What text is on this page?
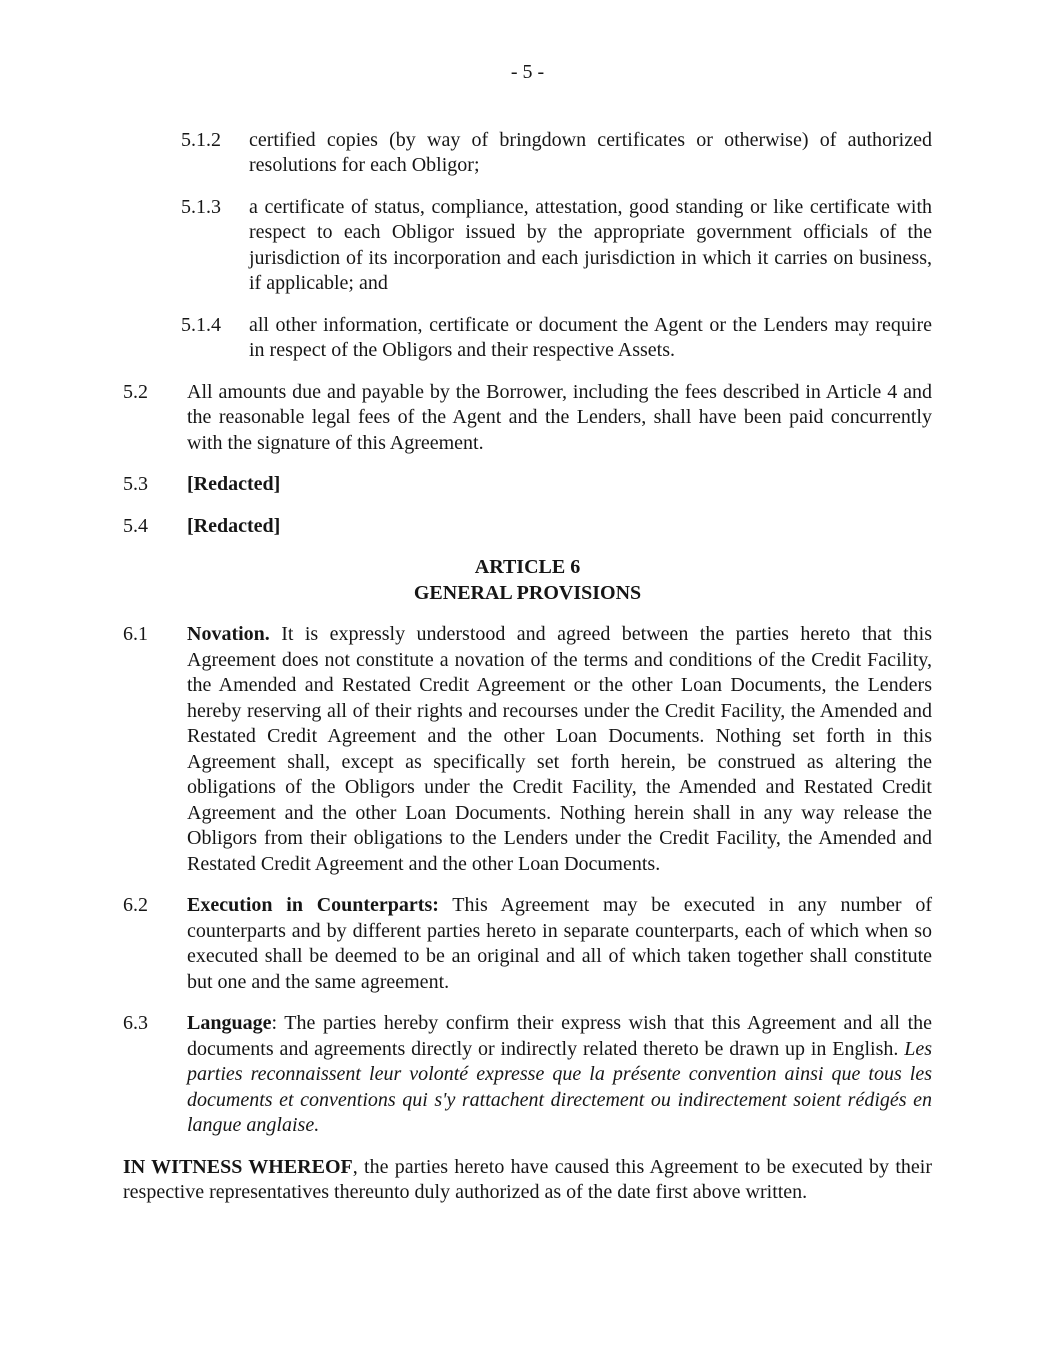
- 5 -
5.1.2	certified copies (by way of bringdown certificates or otherwise) of authorized resolutions for each Obligor;

5.1.3	a certificate of status, compliance, attestation, good standing or like certificate with respect to each Obligor issued by the appropriate government officials of the jurisdiction of its incorporation and each jurisdiction in which it carries on business, if applicable; and

5.1.4	all other information, certificate or document the Agent or the Lenders may require in respect of the Obligors and their respective Assets.

5.2	All amounts due and payable by the Borrower, including the fees described in Article 4 and the reasonable legal fees of the Agent and the Lenders, shall have been paid concurrently with the signature of this Agreement.

5.3	[Redacted]

5.4	[Redacted]

ARTICLE 6
GENERAL PROVISIONS
6.1	Novation. It is expressly understood and agreed between the parties hereto that this Agreement does not constitute a novation of the terms and conditions of the Credit Facility, the Amended and Restated Credit Agreement or the other Loan Documents, the Lenders hereby reserving all of their rights and recourses under the Credit Facility, the Amended and Restated Credit Agreement and the other Loan Documents. Nothing set forth in this Agreement shall, except as specifically set forth herein, be construed as altering the obligations of the Obligors under the Credit Facility, the Amended and Restated Credit Agreement and the other Loan Documents. Nothing herein shall in any way release the Obligors from their obligations to the Lenders under the Credit Facility, the Amended and Restated Credit Agreement and the other Loan Documents.

6.2	Execution in Counterparts: This Agreement may be executed in any number of counterparts and by different parties hereto in separate counterparts, each of which when so executed shall be deemed to be an original and all of which taken together shall constitute but one and the same agreement.

6.3	Language: The parties hereby confirm their express wish that this Agreement and all the documents and agreements directly or indirectly related thereto be drawn up in English. Les parties reconnaissent leur volonté expresse que la présente convention ainsi que tous les documents et conventions qui s'y rattachent directement ou indirectement soient rédigés en langue anglaise.

IN WITNESS WHEREOF, the parties hereto have caused this Agreement to be executed by their respective representatives thereunto duly authorized as of the date first above written.
